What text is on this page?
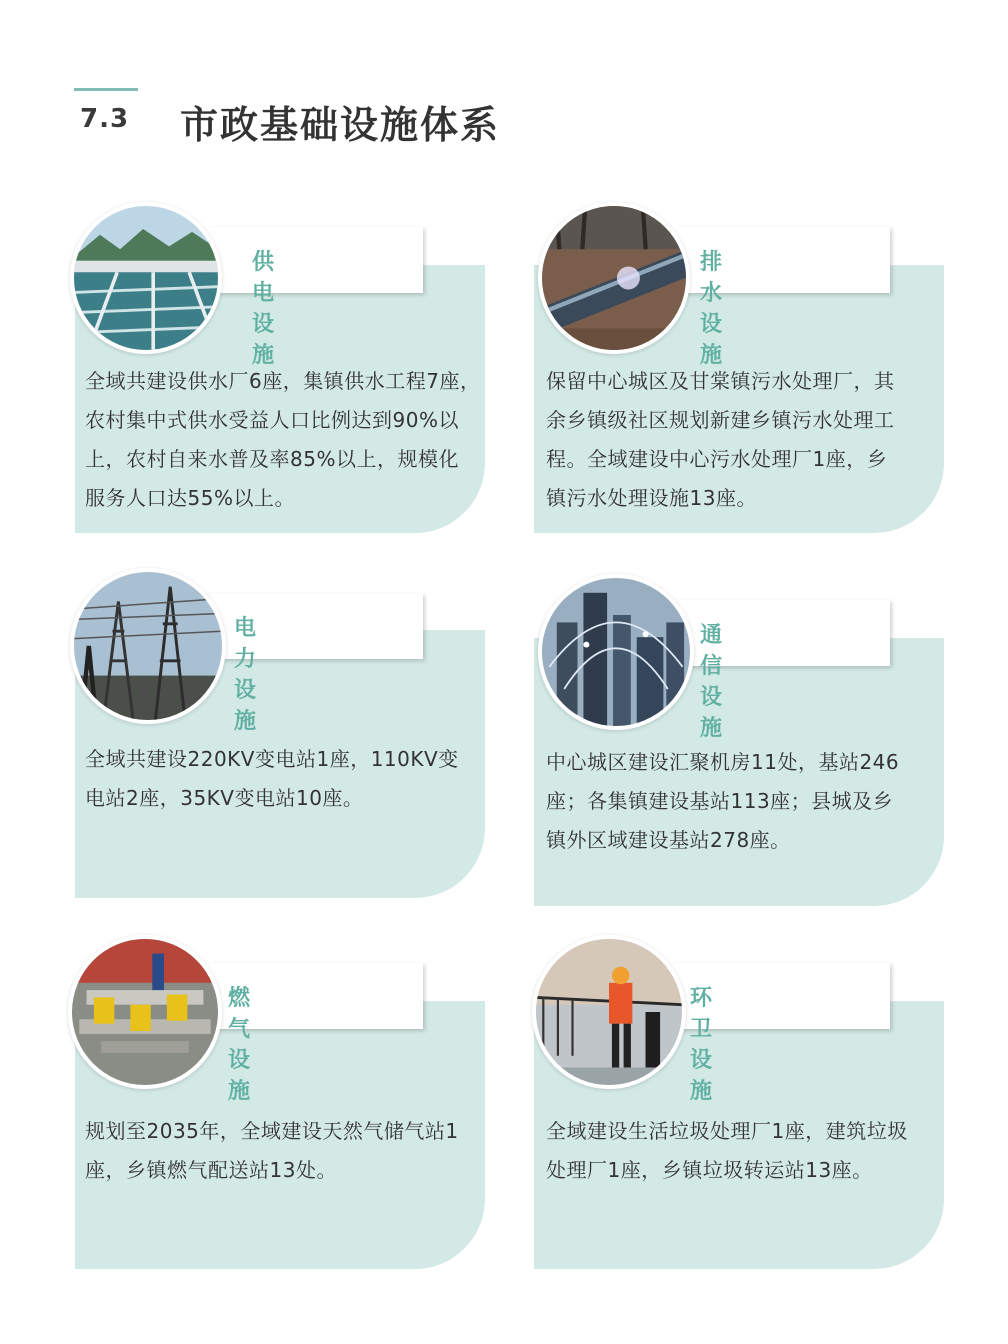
7.3 市政基础设施体系
供电设施
全域共建设供水厂6座，集镇供水工程7座，
农村集中式供水受益人口比例达到90%以
上，农村自来水普及率85%以上，规模化
服务人口达55%以上。
排水设施
保留中心城区及甘棠镇污水处理厂，其
余乡镇级社区规划新建乡镇污水处理工
程。全域建设中心污水处理厂1座，乡
镇污水处理设施13座。
电力设施
全域共建设220KV变电站1座，110KV变
电站2座，35KV变电站10座。
通信设施
中心城区建设汇聚机房11处，基站246
座；各集镇建设基站113座；县城及乡
镇外区域建设基站278座。
燃气设施
规划至2035年，全域建设天然气储气站1
座，乡镇燃气配送站13处。
环卫设施
全域建设生活垃圾处理厂1座，建筑垃圾
处理厂1座，乡镇垃圾转运站13座。
